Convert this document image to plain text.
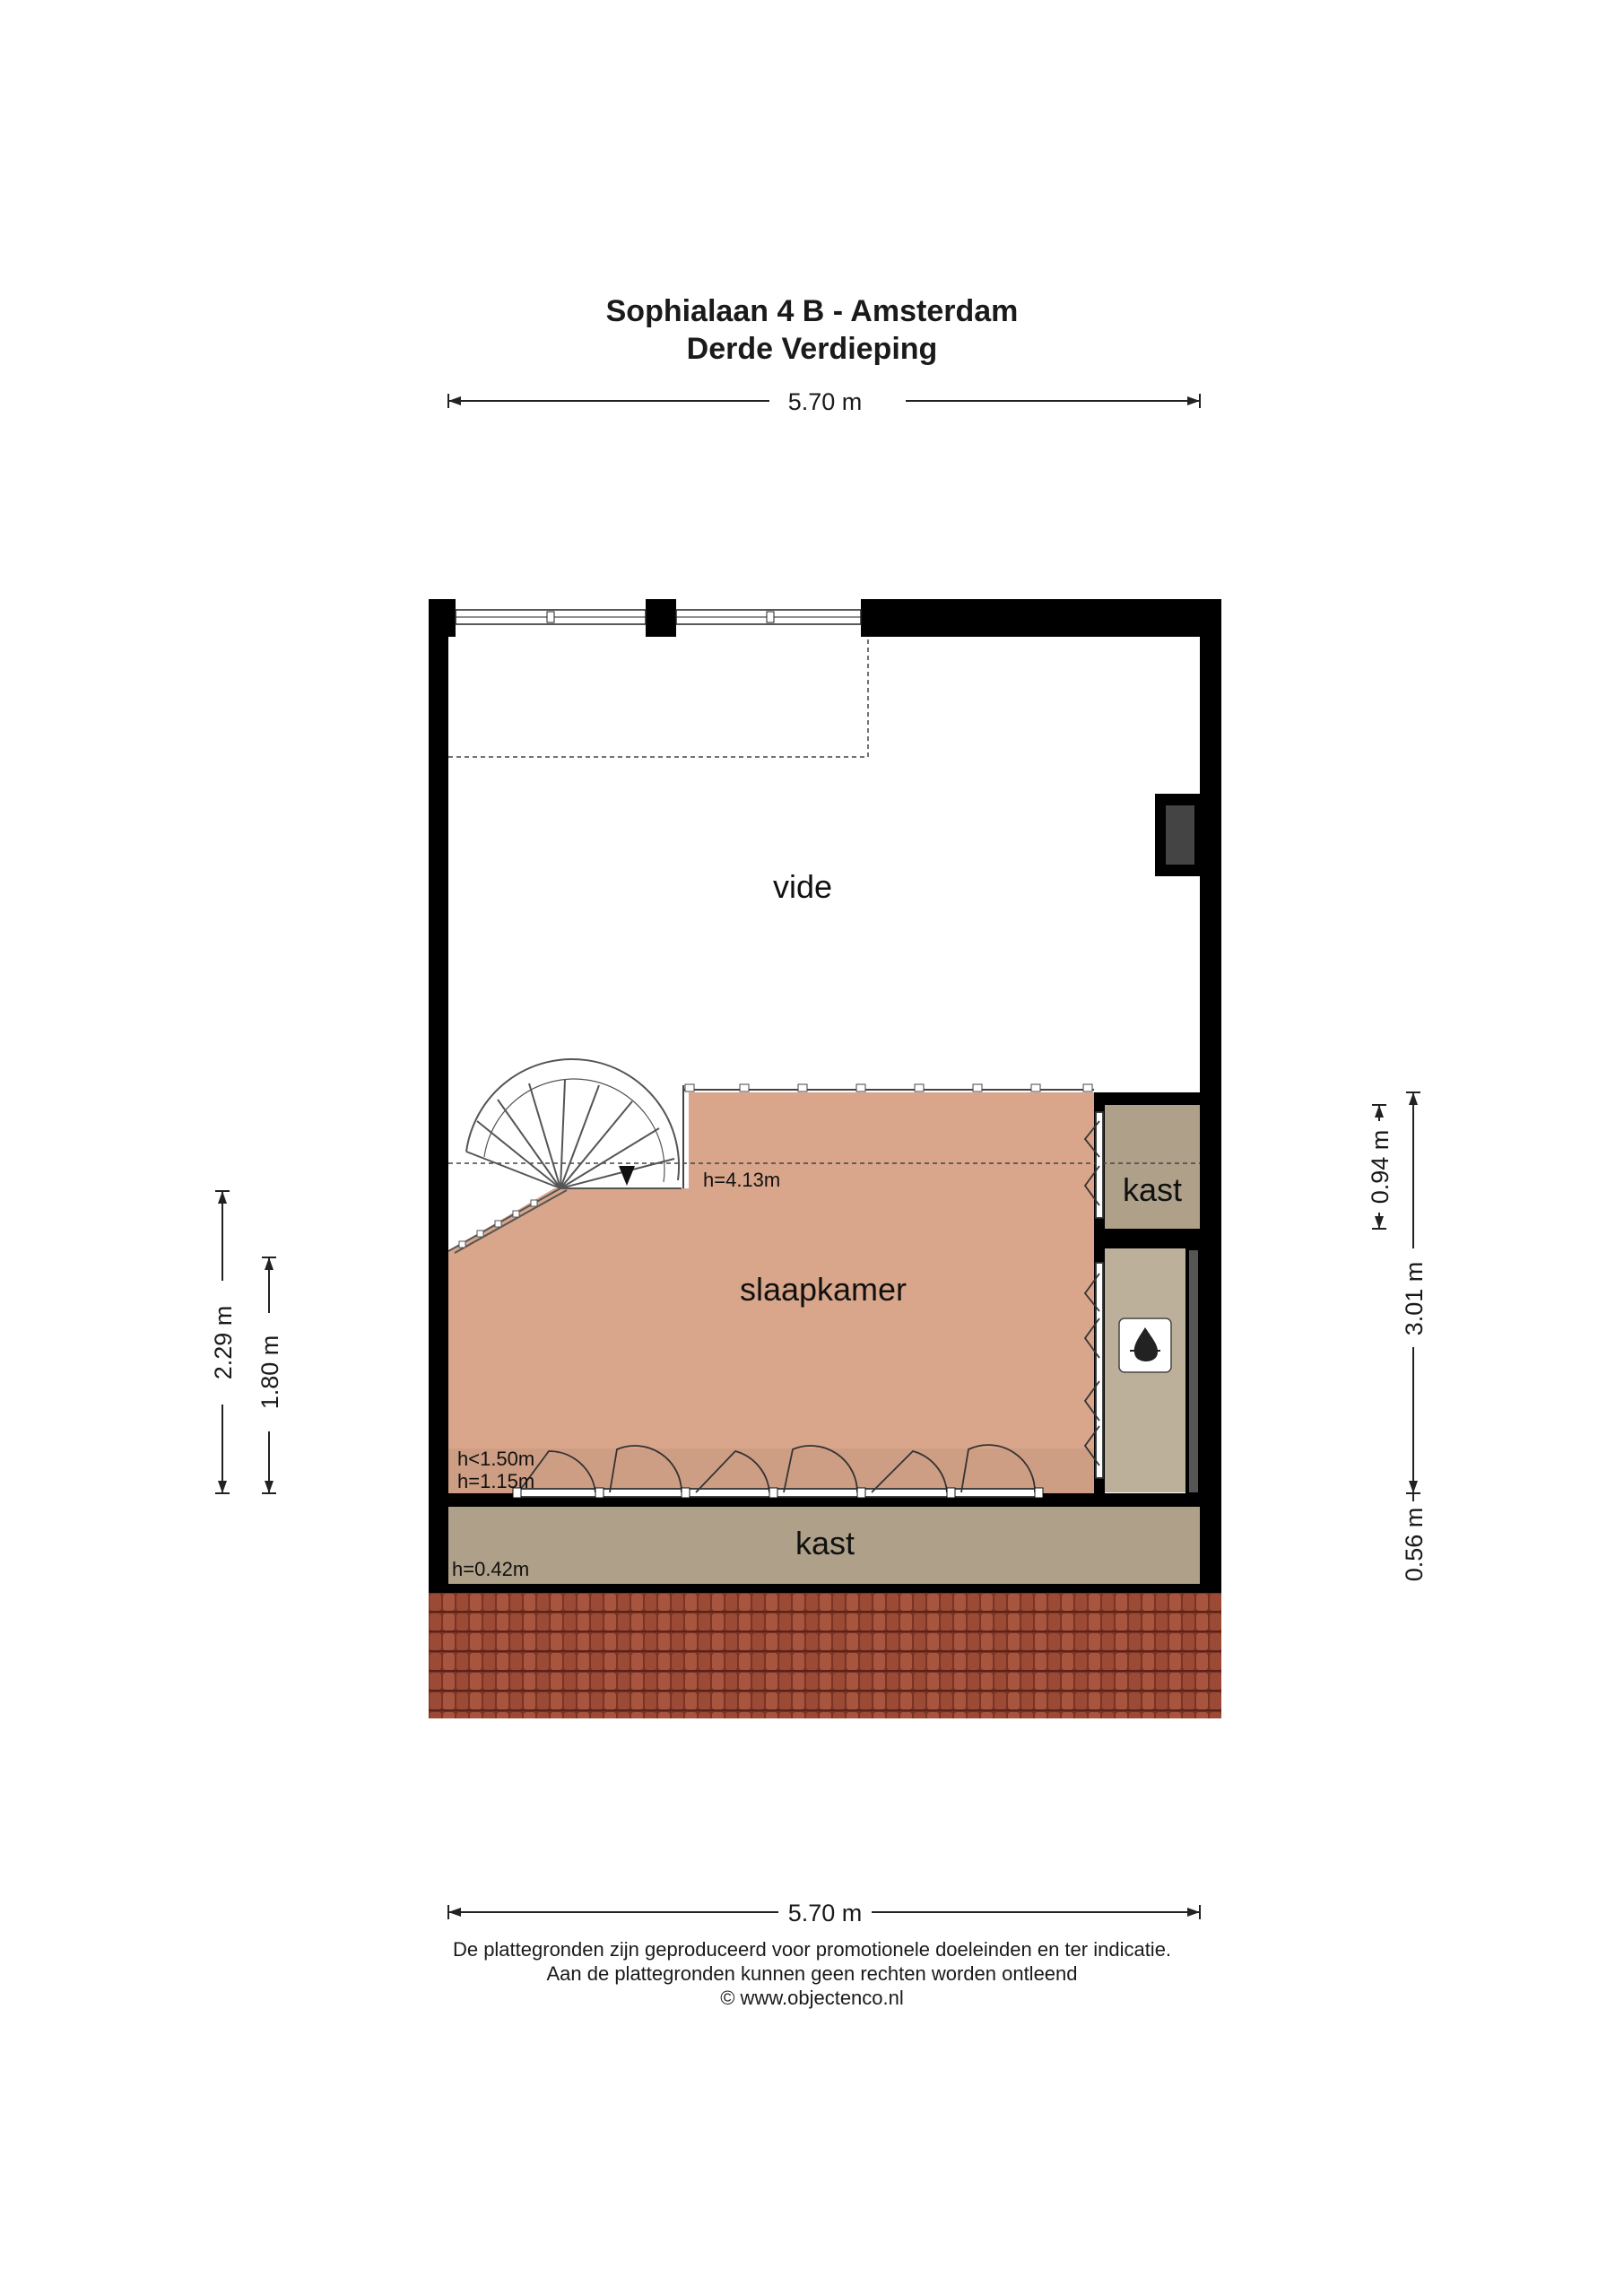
Sophialaan 4 B - Amsterdam
Derde Verdieping
5.70 m
vide
slaapkamer
kast
kast
h=4.13m
h<1.50m
h=1.15m
h=0.42m
2.29 m 1.80 m
0.94 m
3.01 m
0.56 m
5.70 m
De plattegronden zijn geproduceerd voor promotionele doeleinden en ter indicatie.
Aan de plattegronden kunnen geen rechten worden ontleend
© www.objectenco.nl
